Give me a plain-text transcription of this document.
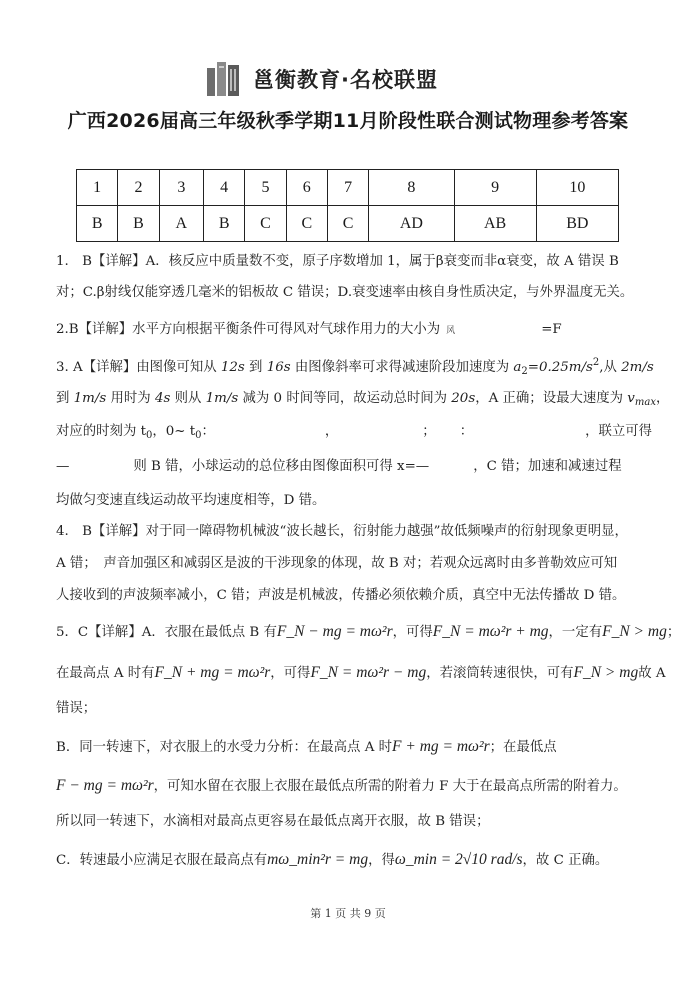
邕衡教育·名校联盟
广西2026届高三年级秋季学期11月阶段性联合测试物理参考答案
1	2	3	4	5	6	7	8	9	10
B	B	A	B	C	C	C	AD	AB	BD
1.　B【详解】A．核反应中质量数不变，原子序数增加 1，属于β衰变而非α衰变，故 A 错误 B
对；C.β射线仅能穿透几毫米的铝板故 C 错误；D.衰变速率由核自身性质决定，与外界温度无关。
2.B【详解】水平方向根据平衡条件可得风对气球作用力的大小为 风	=F
3. A【详解】由图像可知从 12s 到 16s 由图像斜率可求得减速阶段加速度为 $a_2=0.25m/s^2$,从 2m/s
到 1m/s 用时为 4s 则从 1m/s 减为 0 时间等同，故运动总时间为 20s，A 正确；设最大速度为 $v_{max}$，
对应的时刻为 $t_0$，0~ $t_0$：	，	； ：	，联立可得
—	则 B 错，小球运动的总位移由图像面积可得 x=—	，C 错；加速和减速过程
均做匀变速直线运动故平均速度相等，D 错。
4.　B【详解】对于同一障碍物机械波“波长越长，衍射能力越强”故低频噪声的衍射现象更明显，
A 错；　声音加强区和减弱区是波的干涉现象的体现，故 B 对；若观众远离时由多普勒效应可知
人接收到的声波频率减小，C 错；声波是机械波，传播必须依赖介质，真空中无法传播故 D 错。
5．C【详解】A．衣服在最低点 B 有F_N − mg = mω²r，可得F_N = mω²r + mg，一定有F_N > mg；
在最高点 A 时有F_N + mg = mω²r，可得F_N = mω²r − mg，若滚筒转速很快，可有F_N > mg故 A
错误；
B．同一转速下，对衣服上的水受力分析：在最高点 A 时F + mg = mω²r；在最低点
F − mg = mω²r，可知水留在衣服上衣服在最低点所需的附着力 F 大于在最高点所需的附着力。
所以同一转速下，水滴相对最高点更容易在最低点离开衣服，故 B 错误；
C．转速最小应满足衣服在最高点有mω_min²r = mg，得ω_min = 2√10 rad/s，故 C 正确。
第 1 页 共 9 页
